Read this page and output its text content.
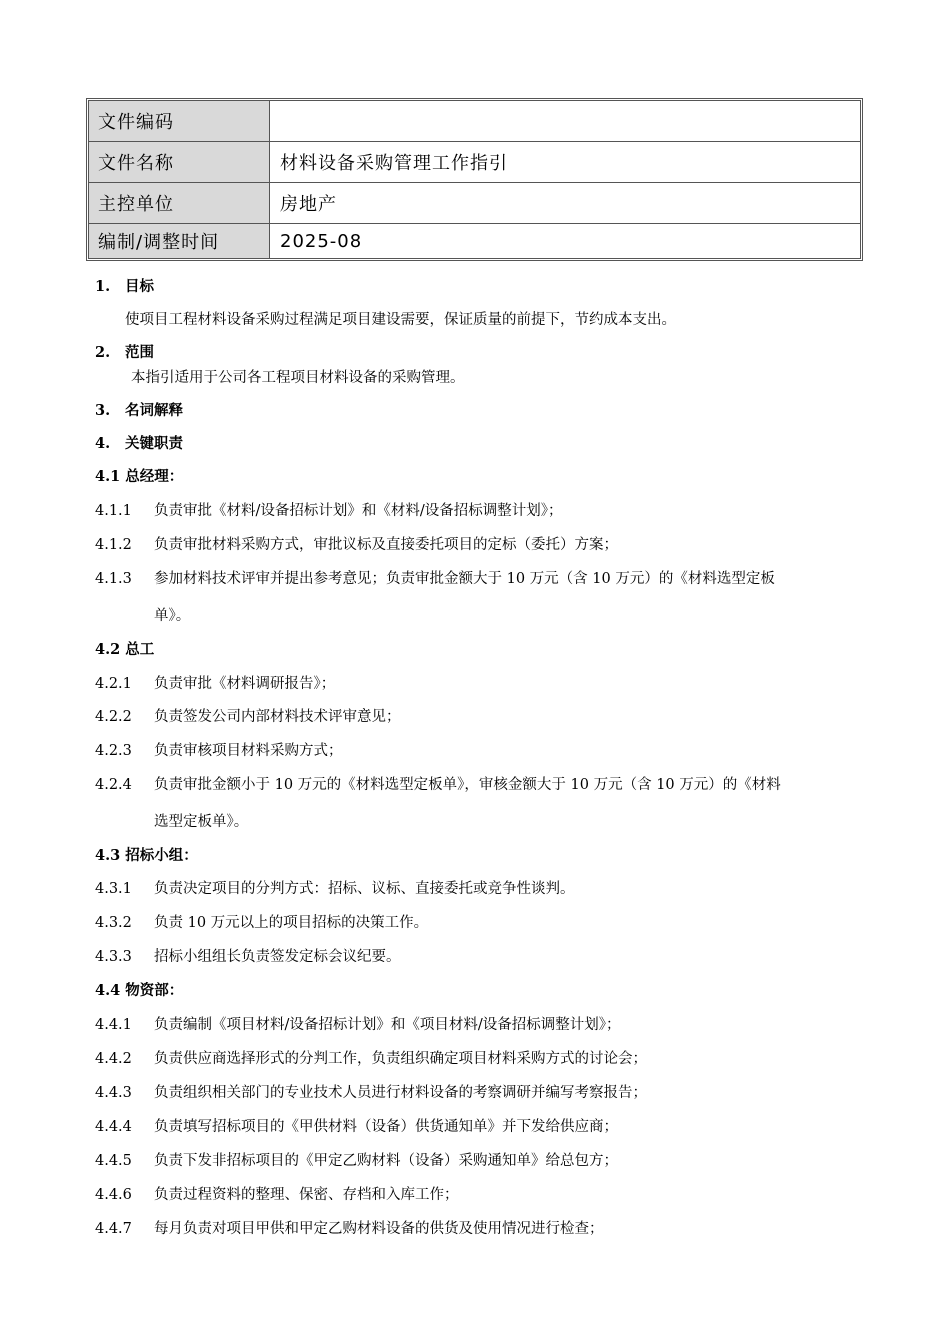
文件编码
文件名称	材料设备采购管理工作指引
主控单位	房地产
编制/调整时间	2025-08
1. 目标
使项目工程材料设备采购过程满足项目建设需要，保证质量的前提下，节约成本支出。
2. 范围
本指引适用于公司各工程项目材料设备的采购管理。
3. 名词解释
4. 关键职责
4.1 总经理：
4.1.1 负责审批《材料/设备招标计划》和《材料/设备招标调整计划》；
4.1.2 负责审批材料采购方式，审批议标及直接委托项目的定标（委托）方案；
4.1.3 参加材料技术评审并提出参考意见；负责审批金额大于 10 万元（含 10 万元）的《材料选型定板
单》。
4.2 总工
4.2.1 负责审批《材料调研报告》；
4.2.2 负责签发公司内部材料技术评审意见；
4.2.3 负责审核项目材料采购方式；
4.2.4 负责审批金额小于 10 万元的《材料选型定板单》，审核金额大于 10 万元（含 10 万元）的《材料
选型定板单》。
4.3 招标小组：
4.3.1 负责决定项目的分判方式：招标、议标、直接委托或竞争性谈判。
4.3.2 负责 10 万元以上的项目招标的决策工作。
4.3.3 招标小组组长负责签发定标会议纪要。
4.4 物资部：
4.4.1 负责编制《项目材料/设备招标计划》和《项目材料/设备招标调整计划》；
4.4.2 负责供应商选择形式的分判工作，负责组织确定项目材料采购方式的讨论会；
4.4.3 负责组织相关部门的专业技术人员进行材料设备的考察调研并编写考察报告；
4.4.4 负责填写招标项目的《甲供材料（设备）供货通知单》并下发给供应商；
4.4.5 负责下发非招标项目的《甲定乙购材料（设备）采购通知单》给总包方；
4.4.6 负责过程资料的整理、保密、存档和入库工作；
4.4.7 每月负责对项目甲供和甲定乙购材料设备的供货及使用情况进行检查；
